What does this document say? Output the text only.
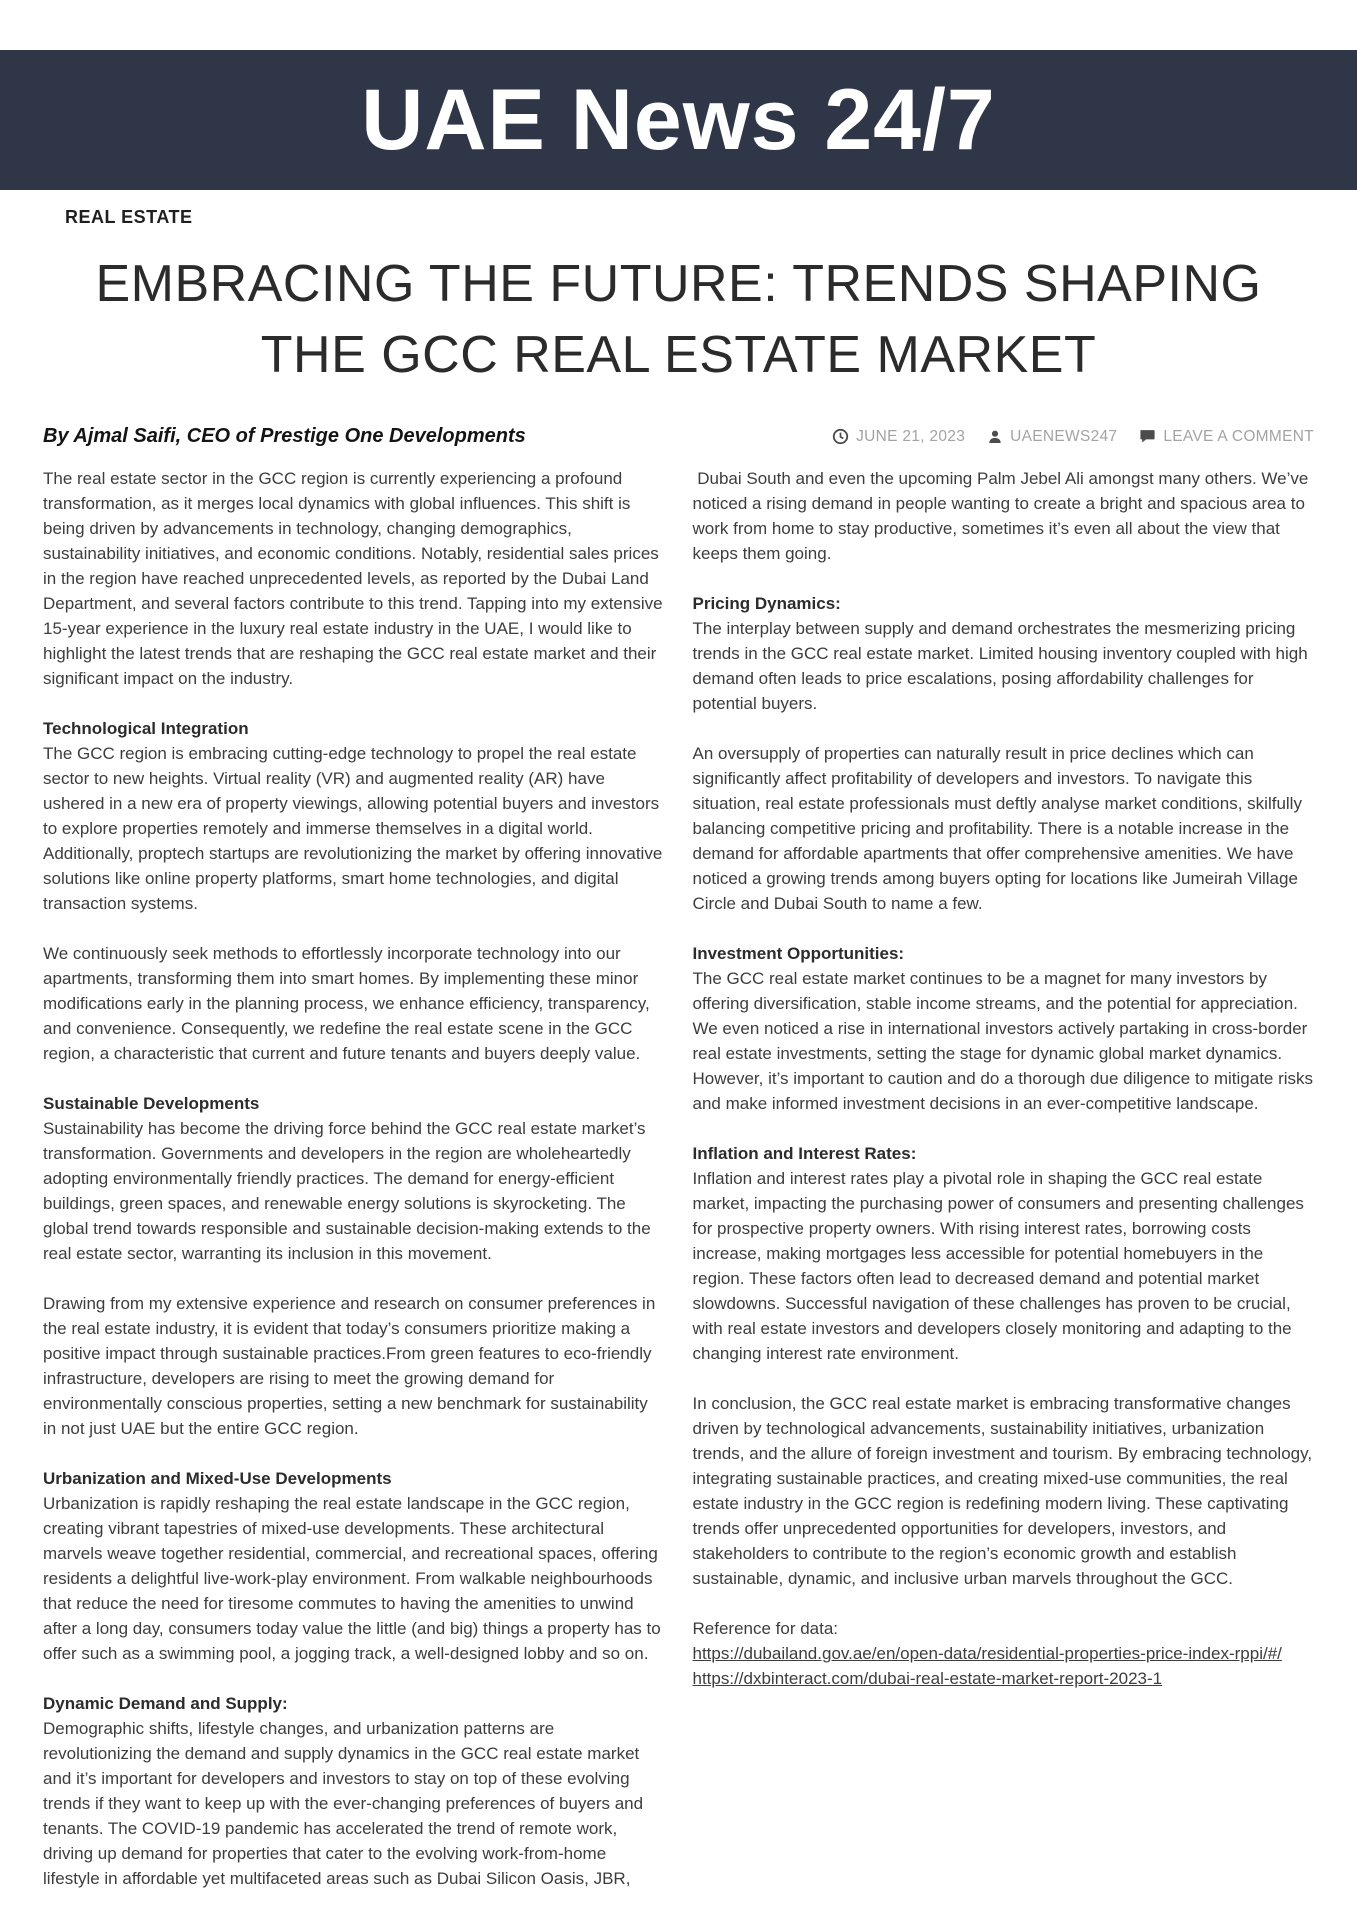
UAE News 24/7
REAL ESTATE
EMBRACING THE FUTURE: TRENDS SHAPING THE GCC REAL ESTATE MARKET
By Ajmal Saifi, CEO of Prestige One Developments	JUNE 21, 2023	UAENEWS247	LEAVE A COMMENT

The real estate sector in the GCC region is currently experiencing a profound transformation, as it merges local dynamics with global influences. This shift is being driven by advancements in technology, changing demographics, sustainability initiatives, and economic conditions. Notably, residential sales prices in the region have reached unprecedented levels, as reported by the Dubai Land Department, and several factors contribute to this trend. Tapping into my extensive 15-year experience in the luxury real estate industry in the UAE, I would like to highlight the latest trends that are reshaping the GCC real estate market and their significant impact on the industry.

Technological Integration

The GCC region is embracing cutting-edge technology to propel the real estate sector to new heights. Virtual reality (VR) and augmented reality (AR) have ushered in a new era of property viewings, allowing potential buyers and investors to explore properties remotely and immerse themselves in a digital world. Additionally, proptech startups are revolutionizing the market by offering innovative solutions like online property platforms, smart home technologies, and digital transaction systems.

We continuously seek methods to effortlessly incorporate technology into our apartments, transforming them into smart homes. By implementing these minor modifications early in the planning process, we enhance efficiency, transparency, and convenience. Consequently, we redefine the real estate scene in the GCC region, a characteristic that current and future tenants and buyers deeply value.

Sustainable Developments

Sustainability has become the driving force behind the GCC real estate market’s transformation. Governments and developers in the region are wholeheartedly adopting environmentally friendly practices. The demand for energy-efficient buildings, green spaces, and renewable energy solutions is skyrocketing. The global trend towards responsible and sustainable decision-making extends to the real estate sector, warranting its inclusion in this movement.

Drawing from my extensive experience and research on consumer preferences in the real estate industry, it is evident that today’s consumers prioritize making a positive impact through sustainable practices.From green features to eco-friendly infrastructure, developers are rising to meet the growing demand for environmentally conscious properties, setting a new benchmark for sustainability in not just UAE but the entire GCC region.

Urbanization and Mixed-Use Developments

Urbanization is rapidly reshaping the real estate landscape in the GCC region, creating vibrant tapestries of mixed-use developments. These architectural marvels weave together residential, commercial, and recreational spaces, offering residents a delightful live-work-play environment. From walkable neighbourhoods that reduce the need for tiresome commutes to having the amenities to unwind after a long day, consumers today value the little (and big) things a property has to offer such as a swimming pool, a jogging track, a well-designed lobby and so on.

Dynamic Demand and Supply:

Demographic shifts, lifestyle changes, and urbanization patterns are revolutionizing the demand and supply dynamics in the GCC real estate market and it’s important for developers and investors to stay on top of these evolving trends if they want to keep up with the ever-changing preferences of buyers and tenants. The COVID-19 pandemic has accelerated the trend of remote work, driving up demand for properties that cater to the evolving work-from-home lifestyle in affordable yet multifaceted areas such as Dubai Silicon Oasis, JBR,

Dubai South and even the upcoming Palm Jebel Ali amongst many others. We’ve noticed a rising demand in people wanting to create a bright and spacious area to work from home to stay productive, sometimes it’s even all about the view that keeps them going.

Pricing Dynamics:

The interplay between supply and demand orchestrates the mesmerizing pricing trends in the GCC real estate market. Limited housing inventory coupled with high demand often leads to price escalations, posing affordability challenges for potential buyers.

An oversupply of properties can naturally result in price declines which can significantly affect profitability of developers and investors. To navigate this situation, real estate professionals must deftly analyse market conditions, skilfully balancing competitive pricing and profitability. There is a notable increase in the demand for affordable apartments that offer comprehensive amenities. We have noticed a growing trends among buyers opting for locations like Jumeirah Village Circle and Dubai South to name a few.

Investment Opportunities:

The GCC real estate market continues to be a magnet for many investors by offering diversification, stable income streams, and the potential for appreciation. We even noticed a rise in international investors actively partaking in cross-border real estate investments, setting the stage for dynamic global market dynamics. However, it’s important to caution and do a thorough due diligence to mitigate risks and make informed investment decisions in an ever-competitive landscape.

Inflation and Interest Rates:

Inflation and interest rates play a pivotal role in shaping the GCC real estate market, impacting the purchasing power of consumers and presenting challenges for prospective property owners. With rising interest rates, borrowing costs increase, making mortgages less accessible for potential homebuyers in the region. These factors often lead to decreased demand and potential market slowdowns. Successful navigation of these challenges has proven to be crucial, with real estate investors and developers closely monitoring and adapting to the changing interest rate environment.

In conclusion, the GCC real estate market is embracing transformative changes driven by technological advancements, sustainability initiatives, urbanization trends, and the allure of foreign investment and tourism. By embracing technology, integrating sustainable practices, and creating mixed-use communities, the real estate industry in the GCC region is redefining modern living. These captivating trends offer unprecedented opportunities for developers, investors, and stakeholders to contribute to the region’s economic growth and establish sustainable, dynamic, and inclusive urban marvels throughout the GCC.

Reference for data:

https://dubailand.gov.ae/en/open-data/residential-properties-price-index-rppi/#/
https://dxbinteract.com/dubai-real-estate-market-report-2023-1
